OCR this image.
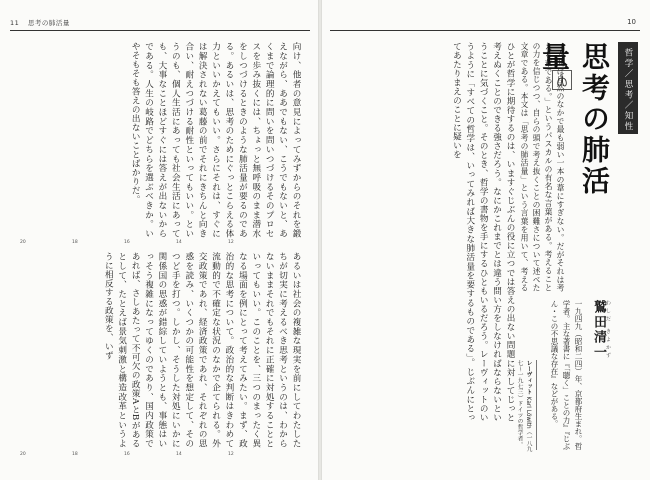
11 思考の肺活量
向け、他者の意見によってみずからのそれを鍛えながら、ああでもない、こうでもないと、あくまで論理的に問いを問いつづけるそのプロセスを歩み抜くには、ちょっと無呼吸のまま潜水をしつづけるときのような肺活量が要るのである。あるいは、思考のためにぐっとこらえる体力といいかえてもいい。さらにそれは、すぐには解決されない葛藤の前でそれにきちんと向き合い、耐えつづける耐性といってもいい。というのも、個人生活にあっても社会生活にあっても、大事なことほどすぐには答えが出ないからである。人生の岐路でどちらを選ぶべきか。いやそもそも答えの出ないことばかりだ。
20	18	16	14	12
あるいは社会の複雑な現実を前にしてわたしたちが切実に考えるべき思考というのは、わからないままそれでもそれに正確に対処することといってもいい。このことを、三つのまったく異なる場面を例にとって考えてみたい。まず、政治的な思考について。政治的な判断はきわめて流動的で不確定な状況のなかで企てられる。外交政策であれ、経済政策であれ、それぞれの思惑を読み、いくつかの可能性を想定して、そのつど手を打つ。しかし、そうした対処にいかに関係国の思惑が錯綜していようとも、事態はいっそう複雑になってゆくのであり、国内政策であれば、さしあたって不可欠の政策AとBがあるとして、たとえば景気刺激と構造改革というように相反する政策を、いず
20	18	16	14	12
10
ひとが哲学に期待するのは、いますぐじぶんの役に立つでは答えの出ない問題に対してじっと考えぬくことのできる強さだろう。なにかこれまでとは違う問い方をしなければならないということに気づくこと。そのとき、哲学の書物を手にするひともいるだろう。レーヴィットのいうように「すべての哲学は、いってみれば大きな肺活量を要するものである」。じぶんにとってあたりまえのことに疑いを	「人間は自然のなかで最も弱い一本の葦にすぎない。だがそれは考える葦である。」というパスカルの有名な言葉がある。考えることの力を信じつつ、自らの頭で考え抜くことの困難さについて述べた文章である。本文は「思考の肺活量」という言葉を用いて、考える
思考の肺活量	哲学／思考／知性
わしだ きよかず
鷲田清一
一九四九（昭和二四）年、京都府生まれ。哲学者。主な著書に『「聴く」ことの力』『じぶん・この不思議な存在』などがある。
レーヴィット Karl Löwith（一八九七〜一九七三）ドイツの哲学者。
